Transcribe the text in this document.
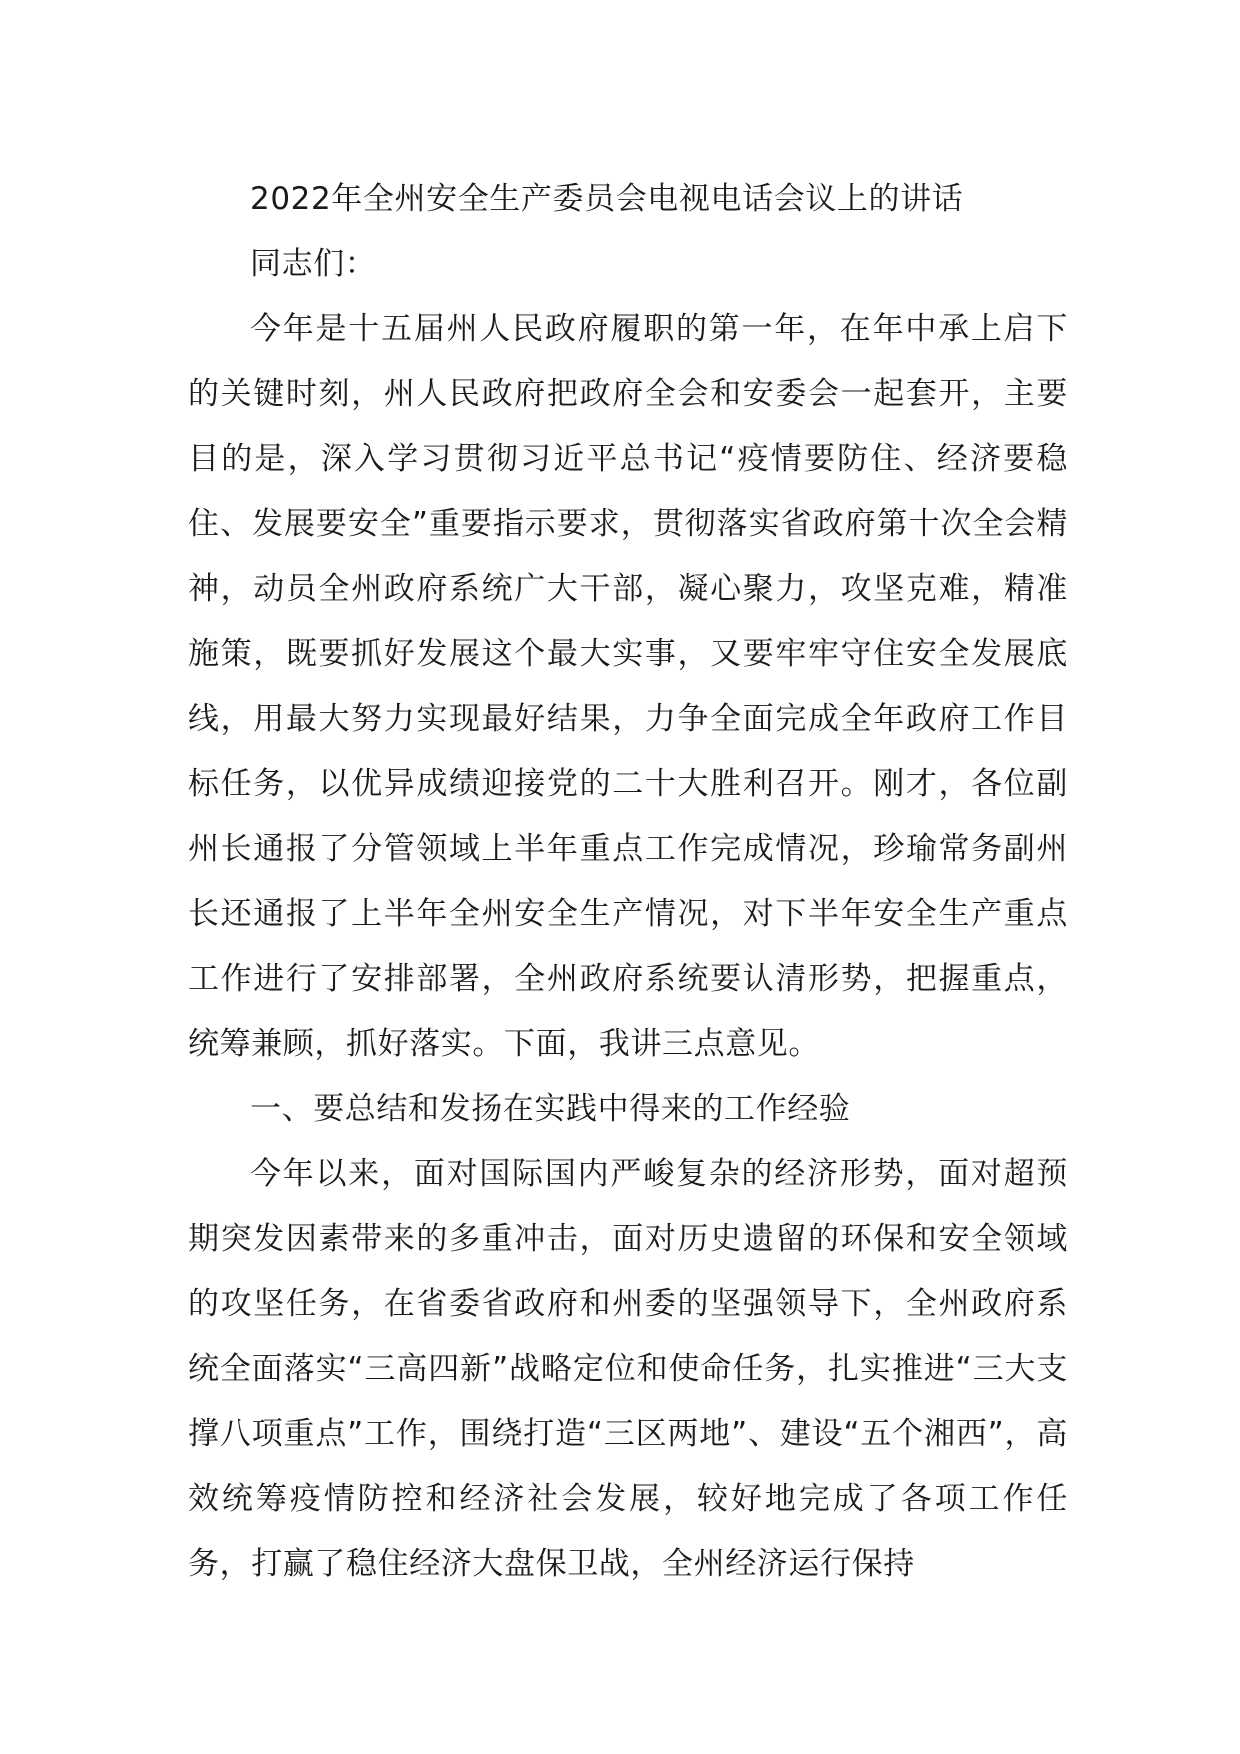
2022年全州安全生产委员会电视电话会议上的讲话

同志们：

今年是十五届州人民政府履职的第一年，在年中承上启下的关键时刻，州人民政府把政府全会和安委会一起套开，主要目的是，深入学习贯彻习近平总书记“疫情要防住、经济要稳住、发展要安全”重要指示要求，贯彻落实省政府第十次全会精神，动员全州政府系统广大干部，凝心聚力，攻坚克难，精准施策，既要抓好发展这个最大实事，又要牢牢守住安全发展底线，用最大努力实现最好结果，力争全面完成全年政府工作目标任务，以优异成绩迎接党的二十大胜利召开。刚才，各位副州长通报了分管领域上半年重点工作完成情况，珍瑜常务副州长还通报了上半年全州安全生产情况，对下半年安全生产重点工作进行了安排部署，全州政府系统要认清形势，把握重点，统筹兼顾，抓好落实。下面，我讲三点意见。

一、要总结和发扬在实践中得来的工作经验

今年以来，面对国际国内严峻复杂的经济形势，面对超预期突发因素带来的多重冲击，面对历史遗留的环保和安全领域的攻坚任务，在省委省政府和州委的坚强领导下，全州政府系统全面落实“三高四新”战略定位和使命任务，扎实推进“三大支撑八项重点”工作，围绕打造“三区两地”、建设“五个湘西”，高效统筹疫情防控和经济社会发展，较好地完成了各项工作任务，打赢了稳住经济大盘保卫战，全州经济运行保持
